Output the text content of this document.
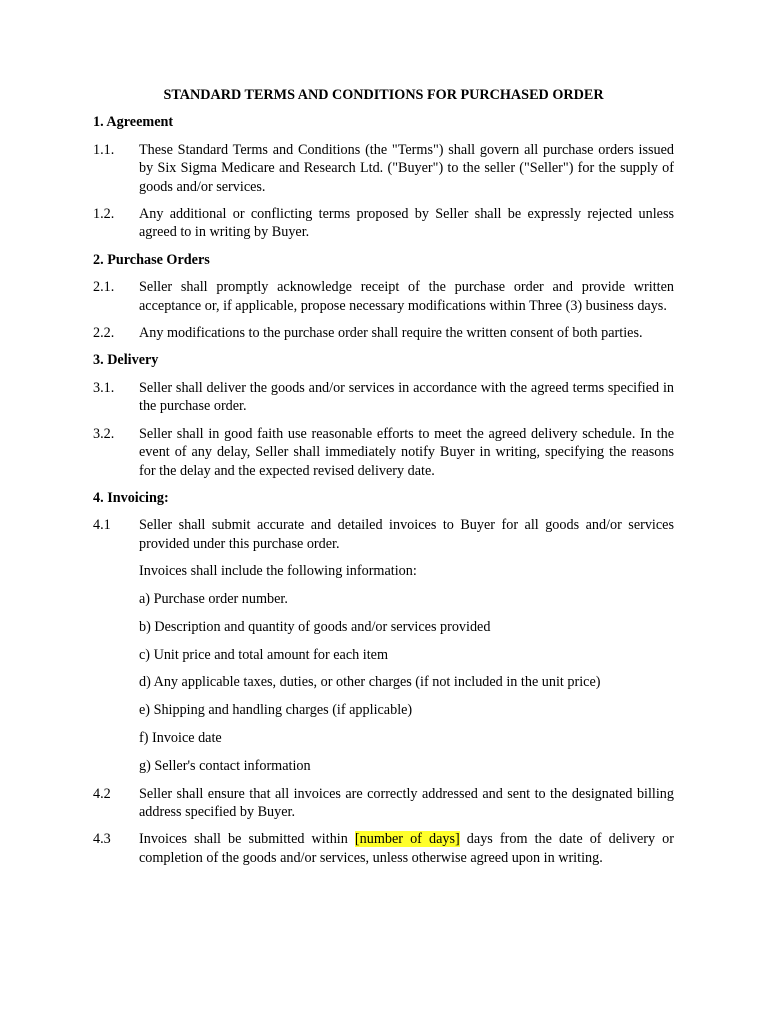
STANDARD TERMS AND CONDITIONS FOR PURCHASED ORDER
1. Agreement
1.1.	These Standard Terms and Conditions (the "Terms") shall govern all purchase orders issued by Six Sigma Medicare and Research Ltd. ("Buyer") to the seller ("Seller") for the supply of goods and/or services.
1.2.	Any additional or conflicting terms proposed by Seller shall be expressly rejected unless agreed to in writing by Buyer.
2. Purchase Orders
2.1.	Seller shall promptly acknowledge receipt of the purchase order and provide written acceptance or, if applicable, propose necessary modifications within Three (3) business days.
2.2.	Any modifications to the purchase order shall require the written consent of both parties.
3. Delivery
3.1.	Seller shall deliver the goods and/or services in accordance with the agreed terms specified in the purchase order.
3.2.	Seller shall in good faith use reasonable efforts to meet the agreed delivery schedule. In the event of any delay, Seller shall immediately notify Buyer in writing, specifying the reasons for the delay and the expected revised delivery date.
4. Invoicing:
4.1	Seller shall submit accurate and detailed invoices to Buyer for all goods and/or services provided under this purchase order.
Invoices shall include the following information:
a) Purchase order number.
b) Description and quantity of goods and/or services provided
c) Unit price and total amount for each item
d) Any applicable taxes, duties, or other charges (if not included in the unit price)
e) Shipping and handling charges (if applicable)
f) Invoice date
g) Seller's contact information
4.2	Seller shall ensure that all invoices are correctly addressed and sent to the designated billing address specified by Buyer.
4.3	Invoices shall be submitted within [number of days] days from the date of delivery or completion of the goods and/or services, unless otherwise agreed upon in writing.
